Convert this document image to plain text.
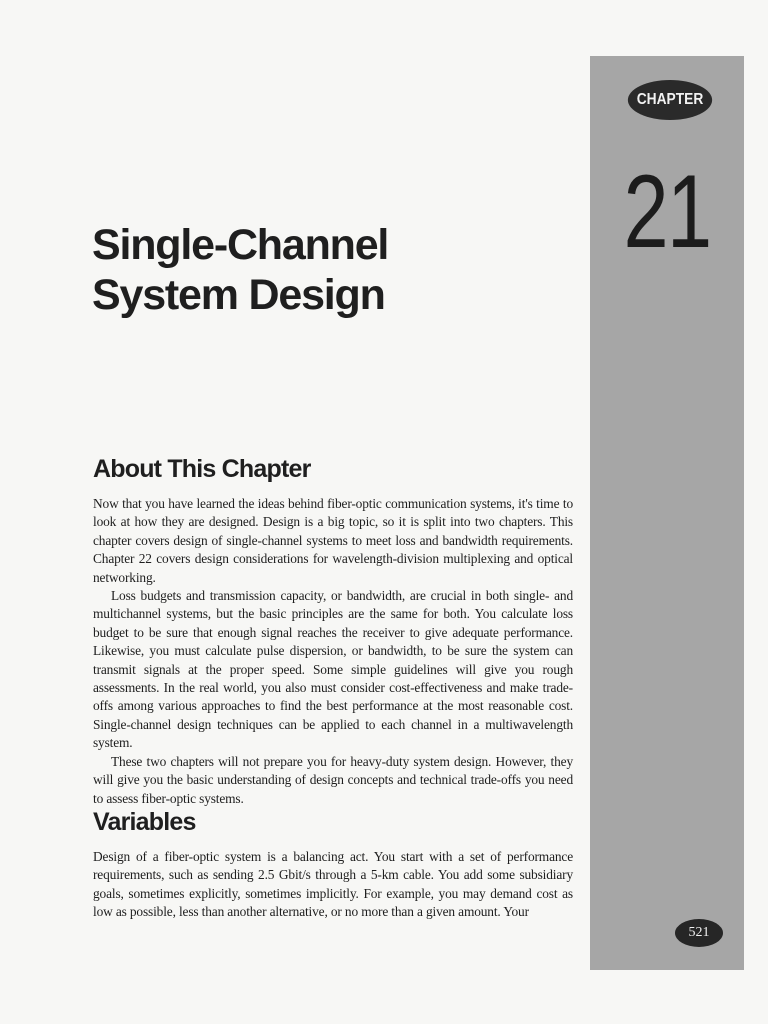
CHAPTER
21
Single-Channel
System Design
About This Chapter

Now that you have learned the ideas behind fiber-optic communication systems, it's time to look at how they are designed. Design is a big topic, so it is split into two chapters. This chapter covers design of single-channel systems to meet loss and bandwidth requirements. Chapter 22 covers design considerations for wavelength-division multiplexing and optical networking.

Loss budgets and transmission capacity, or bandwidth, are crucial in both single- and multichannel systems, but the basic principles are the same for both. You calculate loss budget to be sure that enough signal reaches the receiver to give adequate performance. Likewise, you must calculate pulse dispersion, or bandwidth, to be sure the system can transmit signals at the proper speed. Some simple guidelines will give you rough assessments. In the real world, you also must consider cost-effectiveness and make trade-offs among various approaches to find the best performance at the most reasonable cost. Single-channel design techniques can be applied to each channel in a multiwavelength system.

These two chapters will not prepare you for heavy-duty system design. However, they will give you the basic understanding of design concepts and technical trade-offs you need to assess fiber-optic systems.

Variables

Design of a fiber-optic system is a balancing act. You start with a set of performance requirements, such as sending 2.5 Gbit/s through a 5-km cable. You add some subsidiary goals, sometimes explicitly, sometimes implicitly. For example, you may demand cost as low as possible, less than another alternative, or no more than a given amount. Your

521
